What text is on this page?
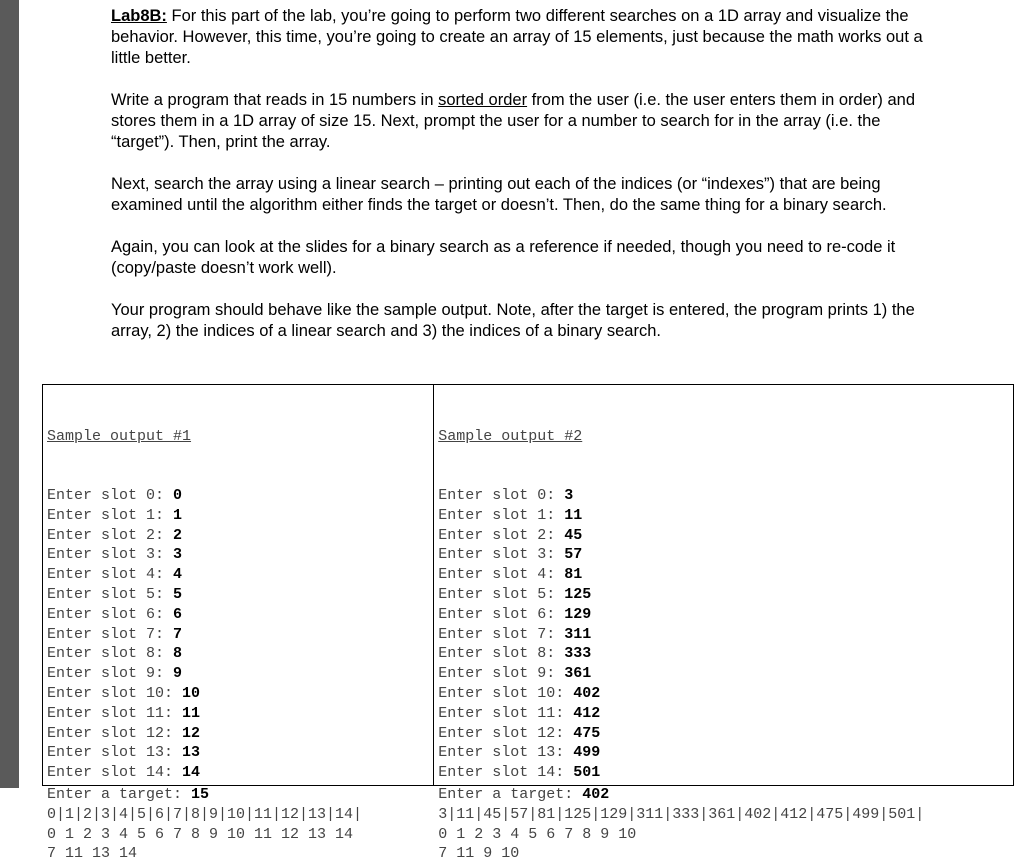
Lab8B: For this part of the lab, you’re going to perform two different searches on a 1D array and visualize the behavior. However, this time, you’re going to create an array of 15 elements, just because the math works out a little better.

Write a program that reads in 15 numbers in sorted order from the user (i.e. the user enters them in order) and stores them in a 1D array of size 15. Next, prompt the user for a number to search for in the array (i.e. the “target”). Then, print the array.

Next, search the array using a linear search – printing out each of the indices (or “indexes”) that are being examined until the algorithm either finds the target or doesn’t. Then, do the same thing for a binary search.

Again, you can look at the slides for a binary search as a reference if needed, though you need to re-code it (copy/paste doesn’t work well).

Your program should behave like the sample output. Note, after the target is entered, the program prints 1) the array, 2) the indices of a linear search and 3) the indices of a binary search.

Sample output #1

Enter slot 0: 0
Enter slot 1: 1
Enter slot 2: 2
Enter slot 3: 3
Enter slot 4: 4
Enter slot 5: 5
Enter slot 6: 6
Enter slot 7: 7
Enter slot 8: 8
Enter slot 9: 9
Enter slot 10: 10
Enter slot 11: 11
Enter slot 12: 12
Enter slot 13: 13
Enter slot 14: 14
Enter a target: 15
0|1|2|3|4|5|6|7|8|9|10|11|12|13|14|
0 1 2 3 4 5 6 7 8 9 10 11 12 13 14
7 11 13 14

Sample output #2

Enter slot 0: 3
Enter slot 1: 11
Enter slot 2: 45
Enter slot 3: 57
Enter slot 4: 81
Enter slot 5: 125
Enter slot 6: 129
Enter slot 7: 311
Enter slot 8: 333
Enter slot 9: 361
Enter slot 10: 402
Enter slot 11: 412
Enter slot 12: 475
Enter slot 13: 499
Enter slot 14: 501
Enter a target: 402
3|11|45|57|81|125|129|311|333|361|402|412|475|499|501|
0 1 2 3 4 5 6 7 8 9 10
7 11 9 10
